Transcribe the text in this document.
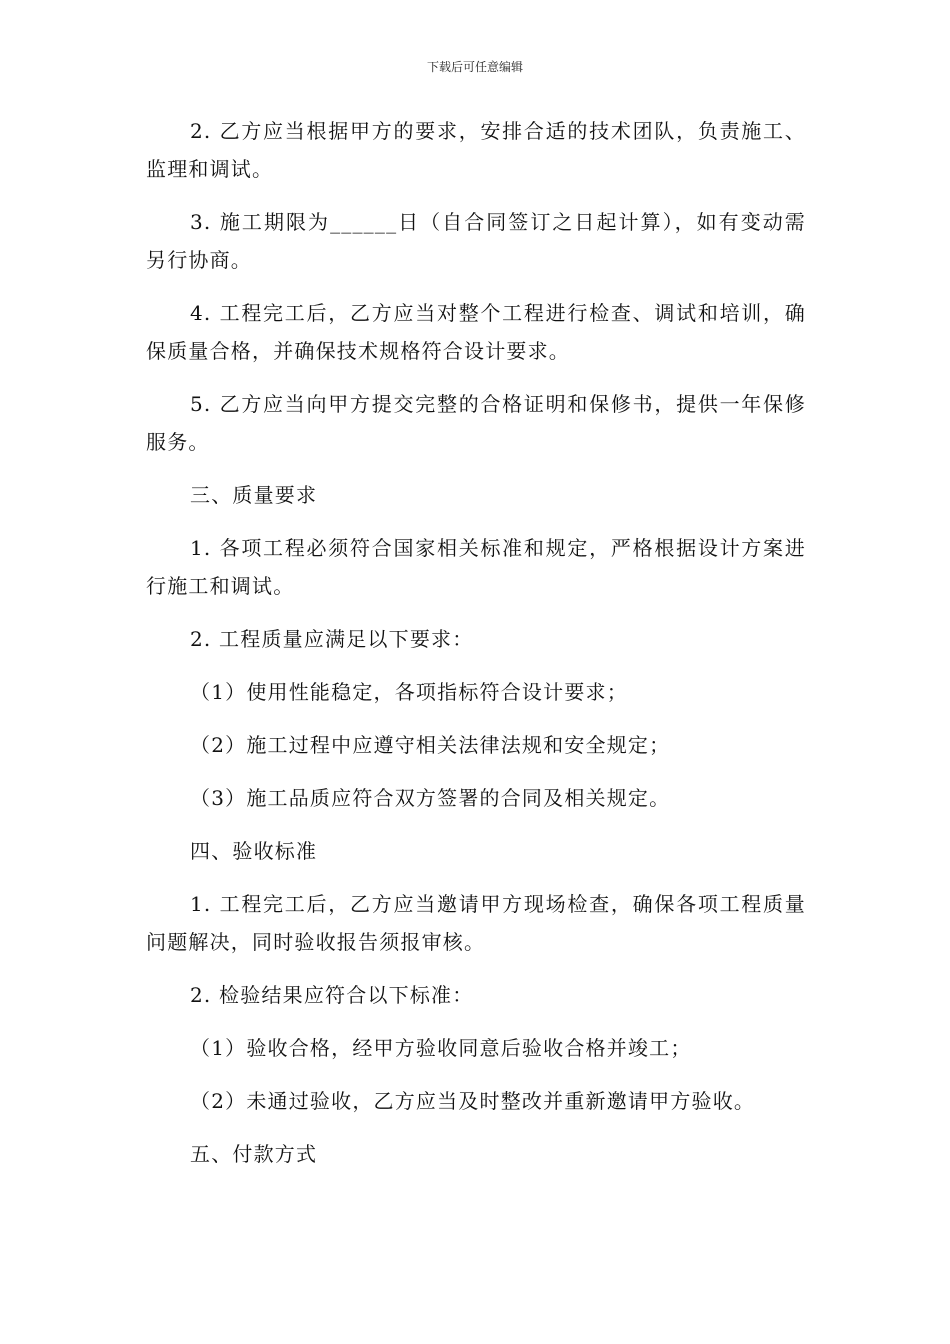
下载后可任意编辑

2. 乙方应当根据甲方的要求，安排合适的技术团队，负责施工、监理和调试。

3. 施工期限为______日（自合同签订之日起计算），如有变动需另行协商。

4. 工程完工后，乙方应当对整个工程进行检查、调试和培训，确保质量合格，并确保技术规格符合设计要求。

5. 乙方应当向甲方提交完整的合格证明和保修书，提供一年保修服务。

三、质量要求

1. 各项工程必须符合国家相关标准和规定，严格根据设计方案进行施工和调试。

2. 工程质量应满足以下要求：

（1）使用性能稳定，各项指标符合设计要求；

（2）施工过程中应遵守相关法律法规和安全规定；

（3）施工品质应符合双方签署的合同及相关规定。

四、验收标准

1. 工程完工后，乙方应当邀请甲方现场检查，确保各项工程质量问题解决，同时验收报告须报审核。

2. 检验结果应符合以下标准：

（1）验收合格，经甲方验收同意后验收合格并竣工；

（2）未通过验收，乙方应当及时整改并重新邀请甲方验收。

五、付款方式
